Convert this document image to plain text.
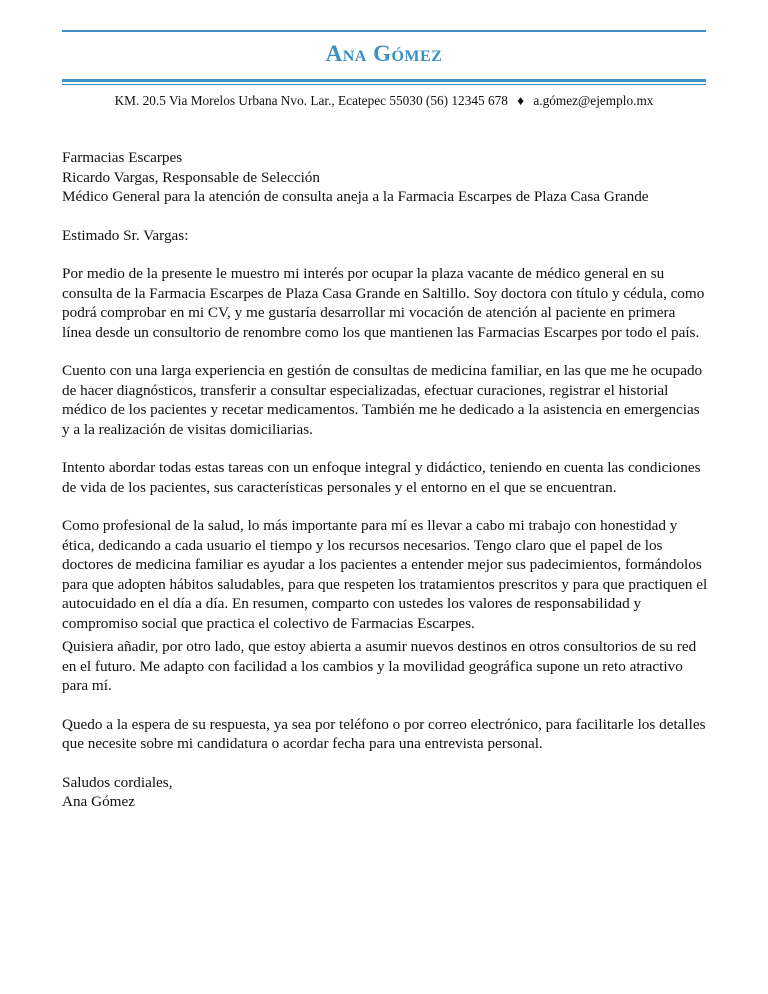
Ana Gómez
KM. 20.5 Via Morelos Urbana Nvo. Lar., Ecatepec 55030 (56) 12345 678 ♦ a.gómez@ejemplo.mx

Farmacias Escarpes

Ricardo Vargas, Responsable de Selección

Médico General para la atención de consulta aneja a la Farmacia Escarpes de Plaza Casa Grande

Estimado Sr. Vargas:

Por medio de la presente le muestro mi interés por ocupar la plaza vacante de médico general en su consulta de la Farmacia Escarpes de Plaza Casa Grande en Saltillo. Soy doctora con título y cédula, como podrá comprobar en mi CV, y me gustaría desarrollar mi vocación de atención al paciente en primera línea desde un consultorio de renombre como los que mantienen las Farmacias Escarpes por todo el país.

Cuento con una larga experiencia en gestión de consultas de medicina familiar, en las que me he ocupado de hacer diagnósticos, transferir a consultar especializadas, efectuar curaciones, registrar el historial médico de los pacientes y recetar medicamentos. También me he dedicado a la asistencia en emergencias y a la realización de visitas domiciliarias.

Intento abordar todas estas tareas con un enfoque integral y didáctico, teniendo en cuenta las condiciones de vida de los pacientes, sus características personales y el entorno en el que se encuentran.

Como profesional de la salud, lo más importante para mí es llevar a cabo mi trabajo con honestidad y ética, dedicando a cada usuario el tiempo y los recursos necesarios. Tengo claro que el papel de los doctores de medicina familiar es ayudar a los pacientes a entender mejor sus padecimientos, formándolos para que adopten hábitos saludables, para que respeten los tratamientos prescritos y para que practiquen el autocuidado en el día a día. En resumen, comparto con ustedes los valores de responsabilidad y compromiso social que practica el colectivo de Farmacias Escarpes.

Quisiera añadir, por otro lado, que estoy abierta a asumir nuevos destinos en otros consultorios de su red en el futuro. Me adapto con facilidad a los cambios y la movilidad geográfica supone un reto atractivo para mí.

Quedo a la espera de su respuesta, ya sea por teléfono o por correo electrónico, para facilitarle los detalles que necesite sobre mi candidatura o acordar fecha para una entrevista personal.

Saludos cordiales,

Ana Gómez
